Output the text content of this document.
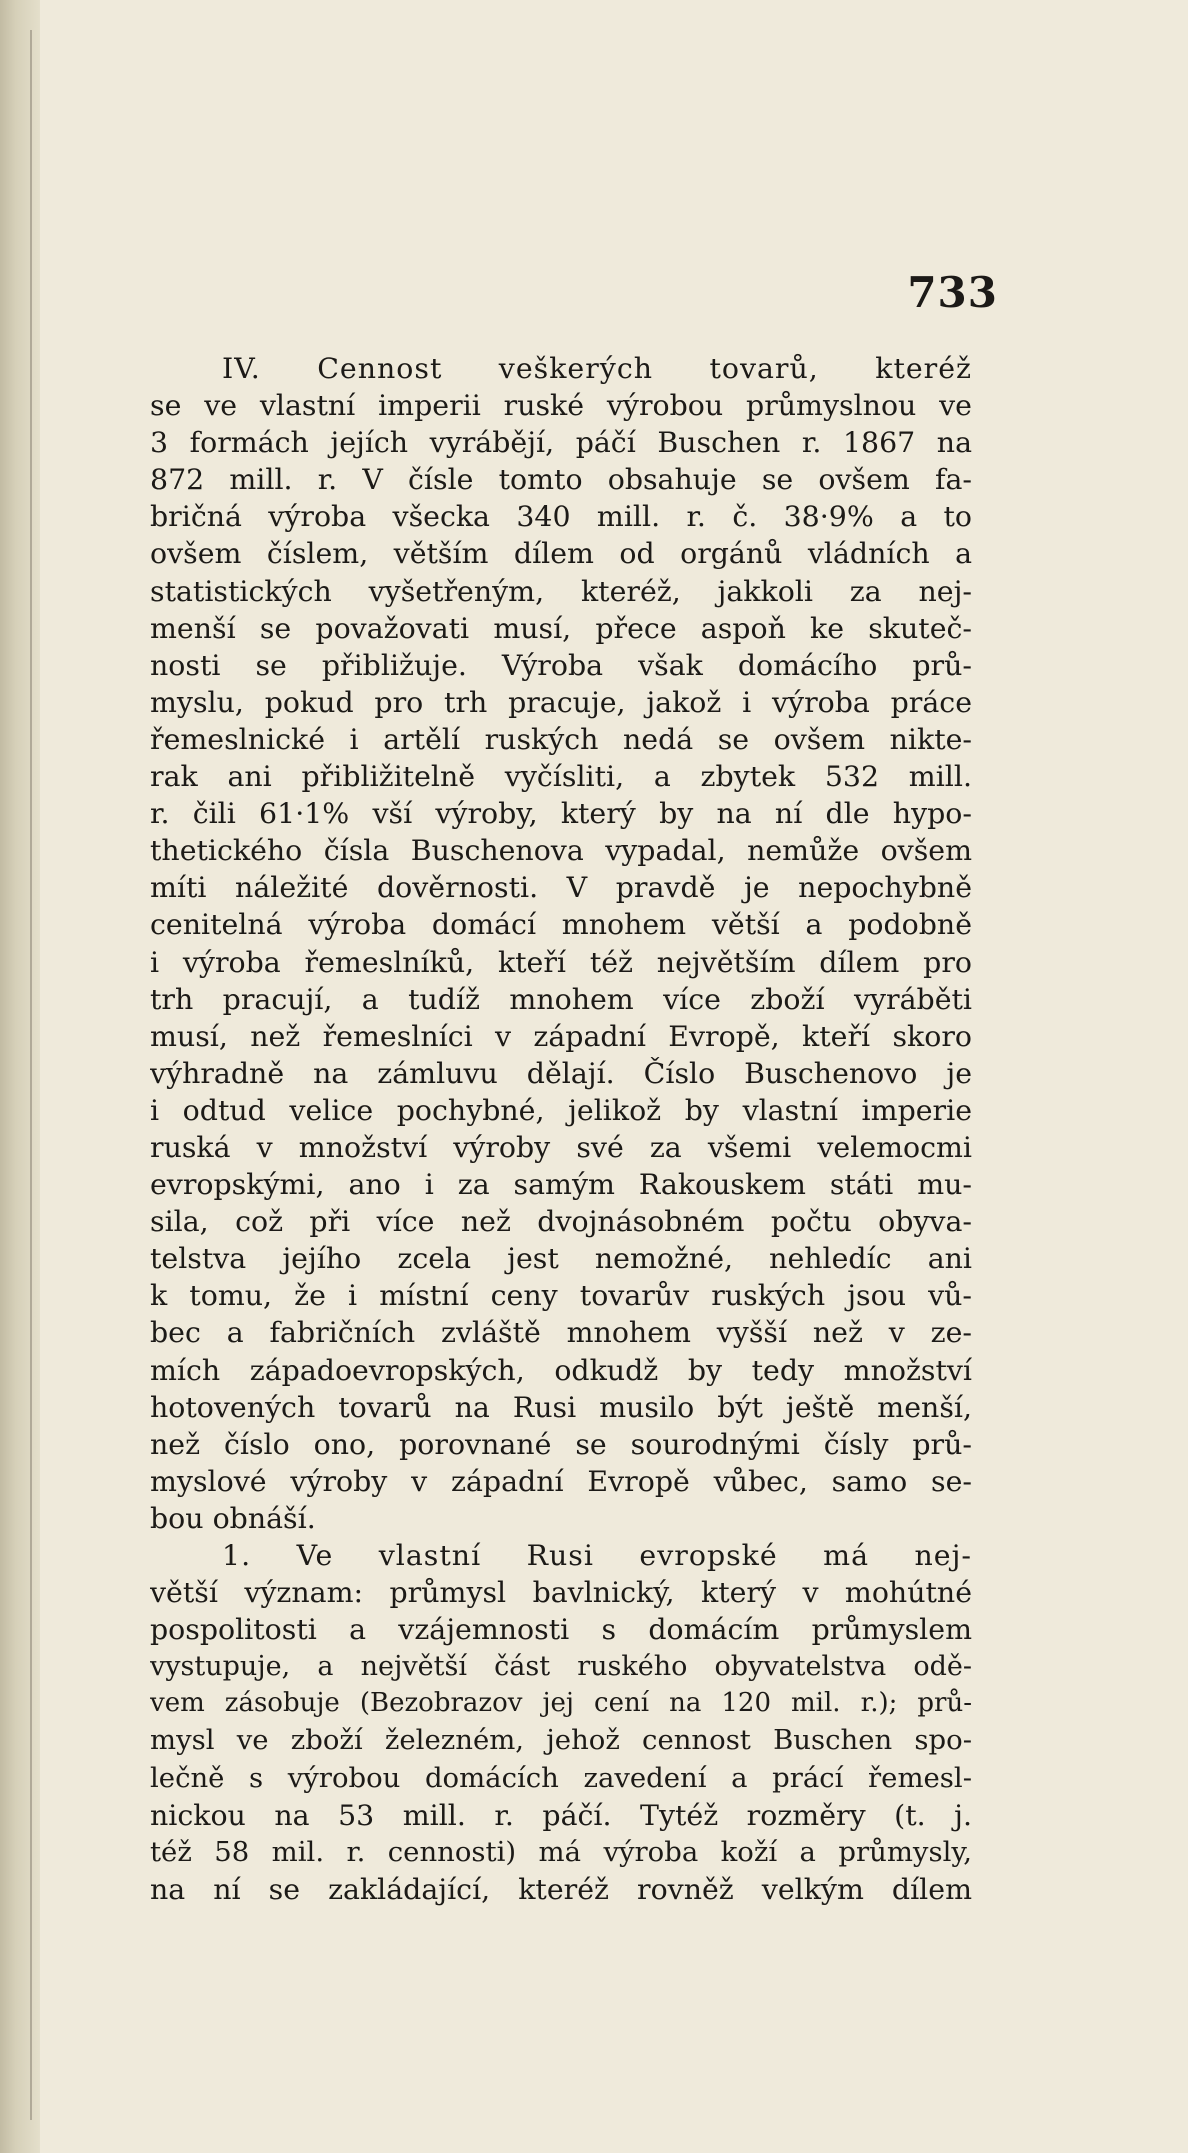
733
IV. Cennost veškerých tovarů, kteréž
se ve vlastní imperii ruské výrobou průmyslnou ve
3 formách jejích vyrábějí, páčí Buschen r. 1867 na
872 mill. r. V čísle tomto obsahuje se ovšem fa-
bričná výroba všecka 340 mill. r. č. 38·9% a to
ovšem číslem, větším dílem od orgánů vládních a
statistických vyšetřeným, kteréž, jakkoli za nej-
menší se považovati musí, přece aspoň ke skuteč-
nosti se přibližuje. Výroba však domácího prů-
myslu, pokud pro trh pracuje, jakož i výroba práce
řemeslnické i artělí ruských nedá se ovšem nikte-
rak ani přibližitelně vyčísliti, a zbytek 532 mill.
r. čili 61·1% vší výroby, který by na ní dle hypo-
thetického čísla Buschenova vypadal, nemůže ovšem
míti náležité dověrnosti. V pravdě je nepochybně
cenitelná výroba domácí mnohem větší a podobně
i výroba řemeslníků, kteří též největším dílem pro
trh pracují, a tudíž mnohem více zboží vyráběti
musí, než řemeslníci v západní Evropě, kteří skoro
výhradně na zámluvu dělají. Číslo Buschenovo je
i odtud velice pochybné, jelikož by vlastní imperie
ruská v množství výroby své za všemi velemocmi
evropskými, ano i za samým Rakouskem státi mu-
sila, což při více než dvojnásobném počtu obyva-
telstva jejího zcela jest nemožné, nehledíc ani
k tomu, že i místní ceny tovarův ruských jsou vů-
bec a fabričních zvláště mnohem vyšší než v ze-
mích západoevropských, odkudž by tedy množství
hotovených tovarů na Rusi musilo být ještě menší,
než číslo ono, porovnané se sourodnými čísly prů-
myslové výroby v západní Evropě vůbec, samo se-
bou obnáší.
1. Ve vlastní Rusi evropské má nej-
větší význam: průmysl bavlnický, který v mohútné
pospolitosti a vzájemnosti s domácím průmyslem
vystupuje, a největší část ruského obyvatelstva odě-
vem zásobuje (Bezobrazov jej cení na 120 mil. r.); prů-
mysl ve zboží železném, jehož cennost Buschen spo-
lečně s výrobou domácích zavedení a prácí řemesl-
nickou na 53 mill. r. páčí. Tytéž rozměry (t. j.
též 58 mil. r. cennosti) má výroba koží a průmysly,
na ní se zakládající, kteréž rovněž velkým dílem
